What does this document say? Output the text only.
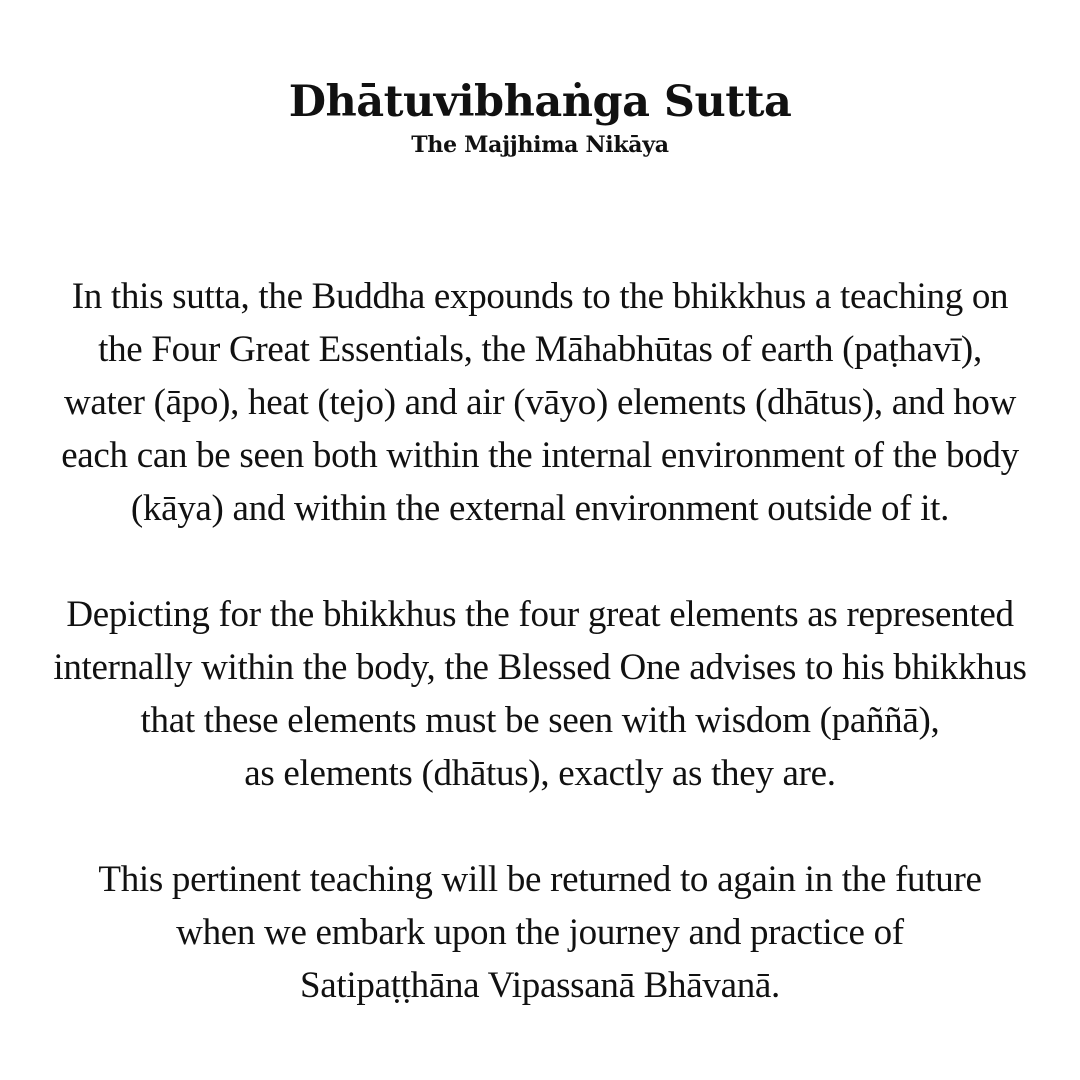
Dhātuvibhaṅga Sutta
The Majjhima Nikāya

In this sutta, the Buddha expounds to the bhikkhus a teaching on
the Four Great Essentials, the Māhabhūtas of earth (paṭhavī),
water (āpo), heat (tejo) and air (vāyo) elements (dhātus), and how
each can be seen both within the internal environment of the body
(kāya) and within the external environment outside of it.

Depicting for the bhikkhus the four great elements as represented
internally within the body, the Blessed One advises to his bhikkhus
that these elements must be seen with wisdom (paññā),
as elements (dhātus), exactly as they are.

This pertinent teaching will be returned to again in the future
when we embark upon the journey and practice of
Satipaṭṭhāna Vipassanā Bhāvanā.
